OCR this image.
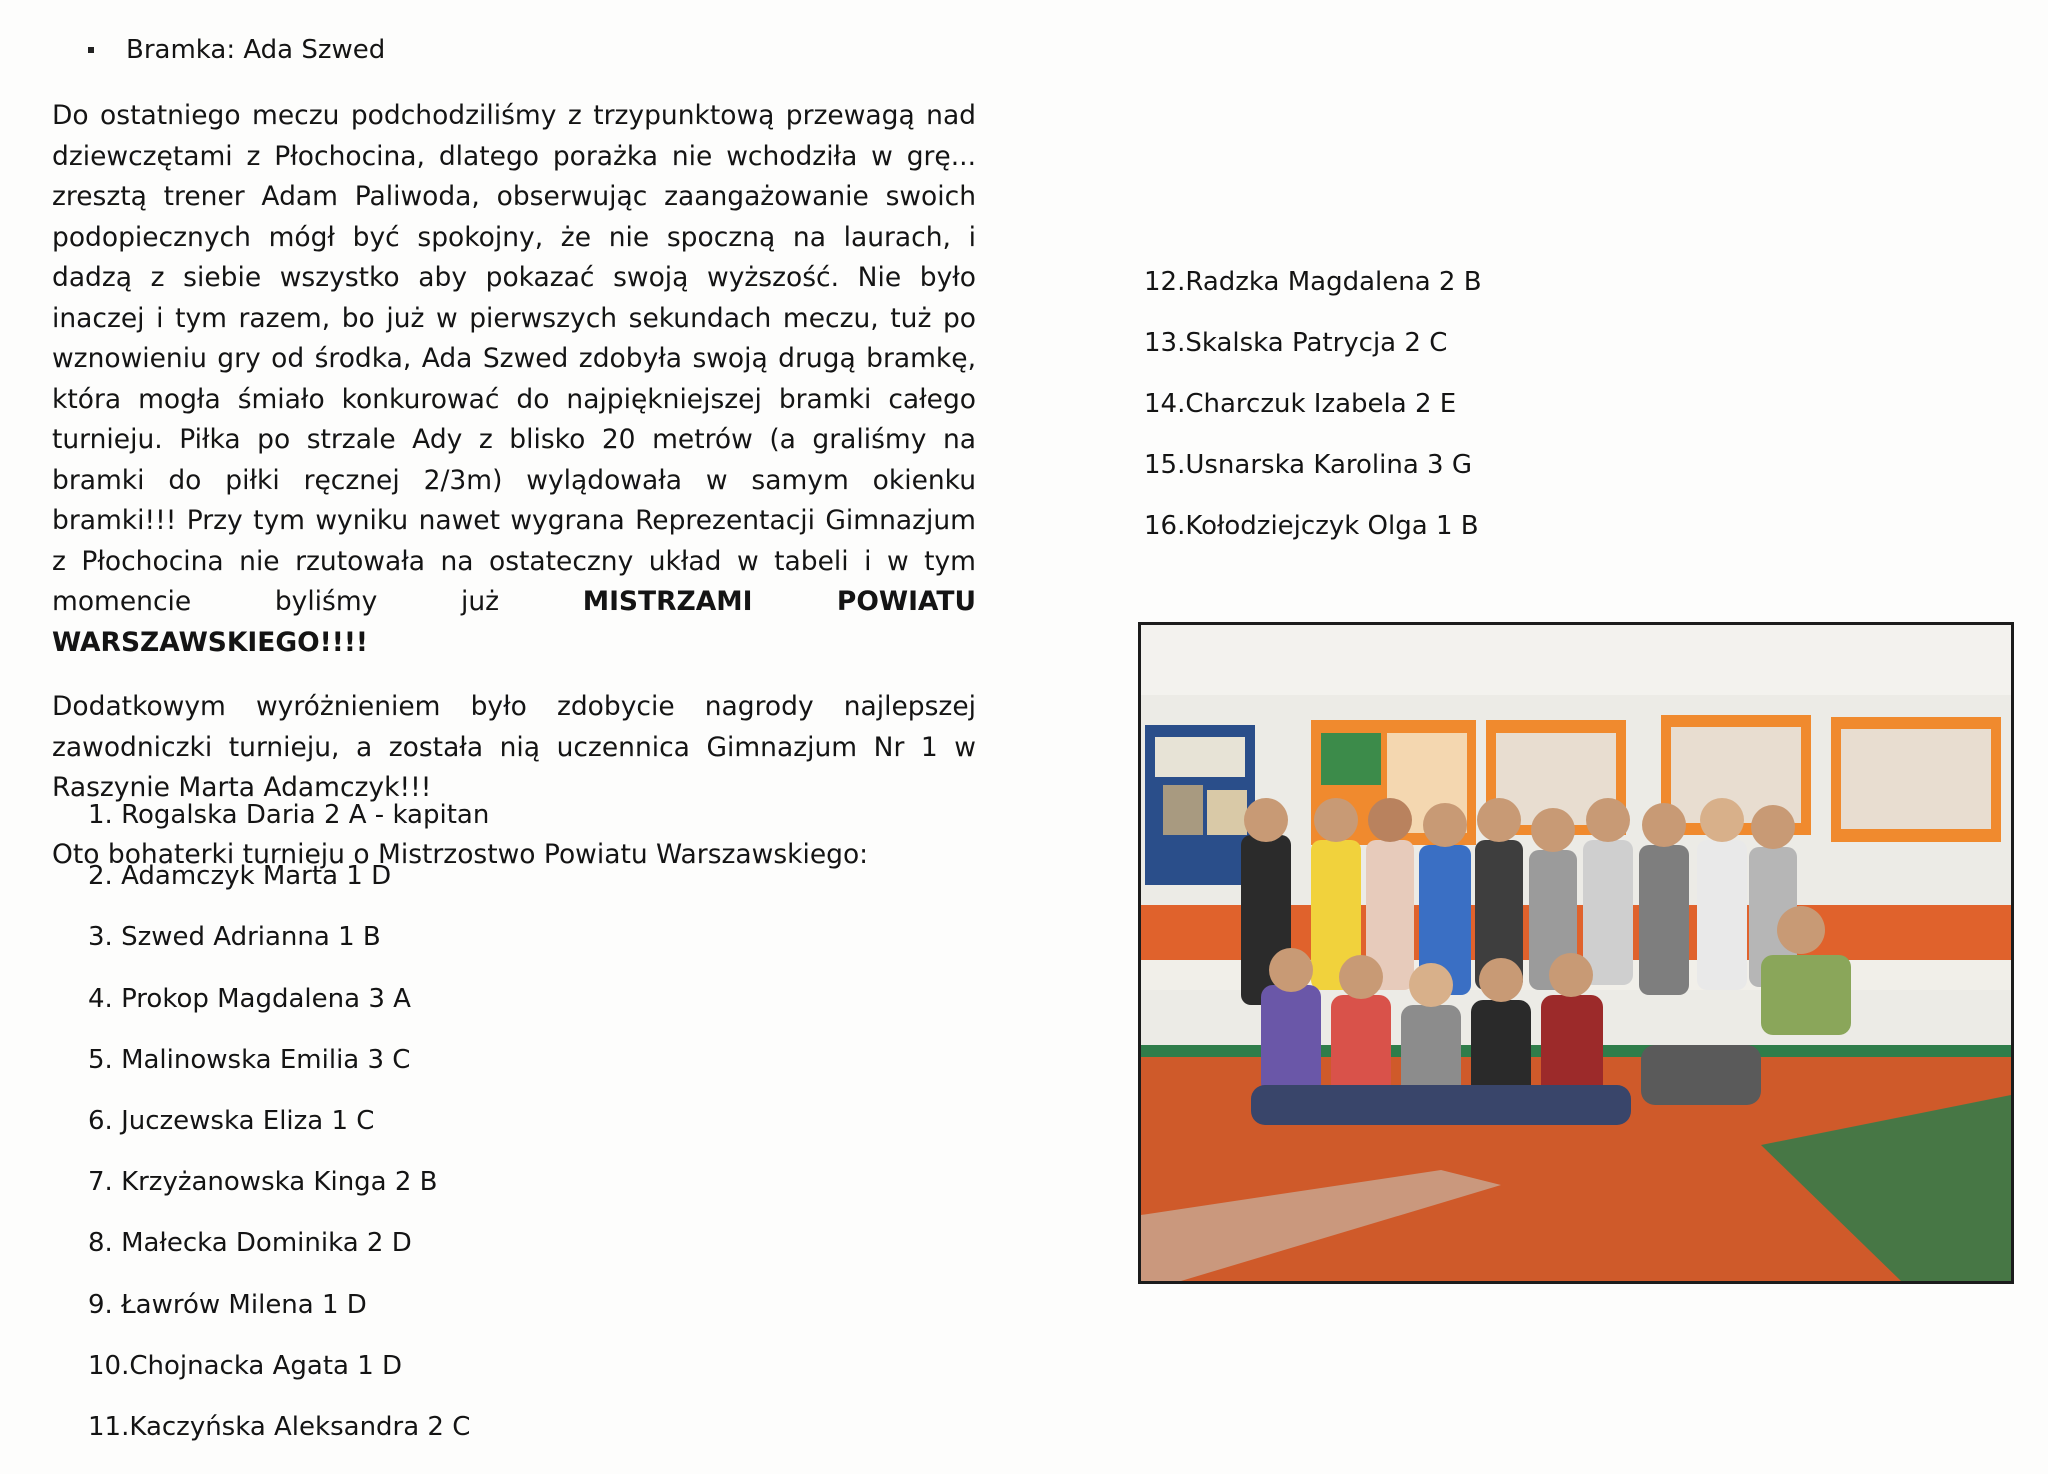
Bramka: Ada Szwed

Do ostatniego meczu podchodziliśmy z trzypunktową przewagą nad dziewczętami z Płochocina, dlatego porażka nie wchodziła w grę... zresztą trener Adam Paliwoda, obserwując zaangażowanie swoich podopiecznych mógł być spokojny, że nie spoczną na laurach, i dadzą z siebie wszystko aby pokazać swoją wyższość. Nie było inaczej i tym razem, bo już w pierwszych sekundach meczu, tuż po wznowieniu gry od środka, Ada Szwed zdobyła swoją drugą bramkę, która mogła śmiało konkurować do najpiękniejszej bramki całego turnieju. Piłka po strzale Ady z blisko 20 metrów (a graliśmy na bramki do piłki ręcznej 2/3m) wylądowała w samym okienku bramki!!! Przy tym wyniku nawet wygrana Reprezentacji Gimnazjum z Płochocina nie rzutowała na ostateczny układ w tabeli i w tym momencie byliśmy już MISTRZAMI POWIATU WARSZAWSKIEGO!!!!

Dodatkowym wyróżnieniem było zdobycie nagrody najlepszej zawodniczki turnieju, a została nią uczennica Gimnazjum Nr 1 w Raszynie Marta Adamczyk!!!

Oto bohaterki turnieju o Mistrzostwo Powiatu Warszawskiego:

1. Rogalska Daria 2 A - kapitan
2. Adamczyk Marta 1 D
3. Szwed Adrianna 1 B
4. Prokop Magdalena 3 A
5. Malinowska Emilia 3 C
6. Juczewska Eliza 1 C
7. Krzyżanowska Kinga 2 B
8. Małecka Dominika 2 D
9. Ławrów Milena 1 D
10.Chojnacka Agata 1 D
11.Kaczyńska Aleksandra 2 C
12.Radzka Magdalena 2 B
13.Skalska Patrycja 2 C
14.Charczuk Izabela 2 E
15.Usnarska Karolina 3 G
16.Kołodziejczyk Olga 1 B
